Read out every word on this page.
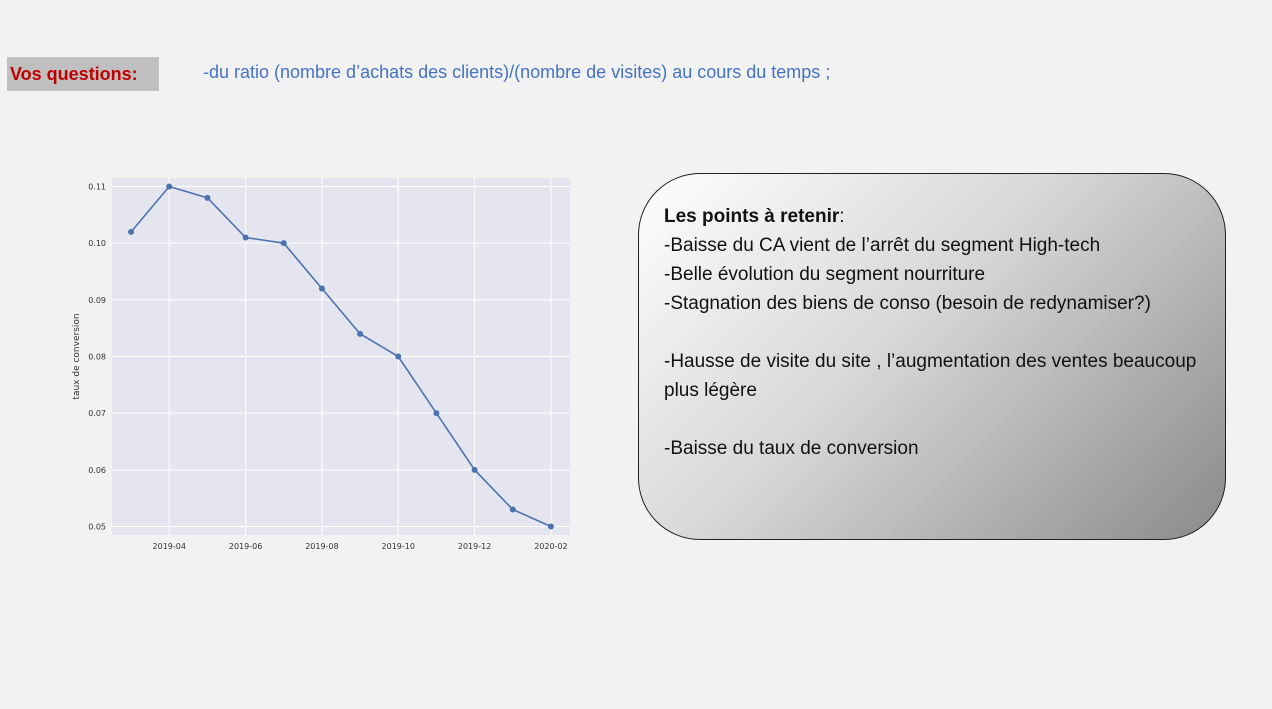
Vos questions:	-du ratio (nombre d’achats des clients)/(nombre de visites) au cours du temps ;
0.05
0.06
0.07
0.08
0.09
0.10
0.11
2019-04	2019-06	2019-08	2019-10	2019-12	2020-02
taux de conversion

Les points à retenir:

-Baisse du CA vient de l’arrêt du segment High-tech

-Belle évolution du segment nourriture

-Stagnation des biens de conso (besoin de redynamiser?)

-Hausse de visite du site , l’augmentation des ventes beaucoup plus légère

-Baisse du taux de conversion
